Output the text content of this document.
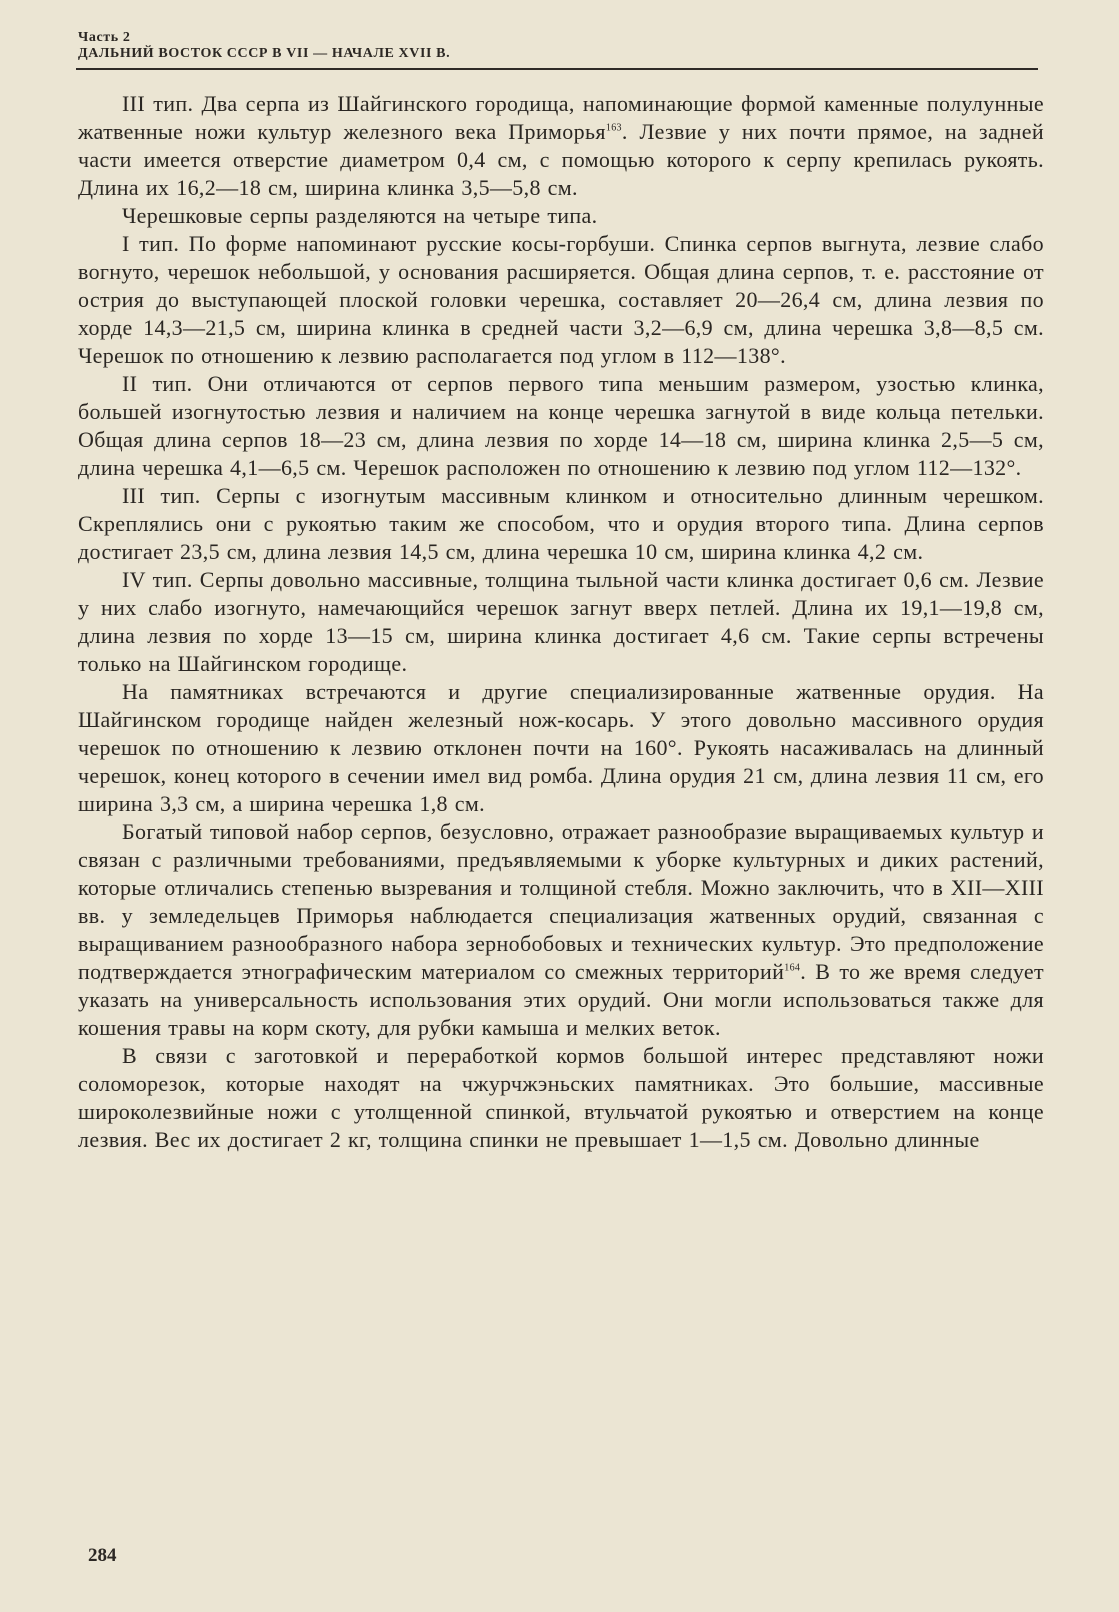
Часть 2
ДАЛЬНИЙ ВОСТОК СССР В VII — НАЧАЛЕ XVII В.

III тип. Два серпа из Шайгинского городища, напоминающие формой каменные полулунные жатвенные ножи культур железного века Приморья$^{163}$. Лезвие у них почти прямое, на задней части имеется отверстие диаметром 0,4 см, с помощью которого к серпу крепилась рукоять. Длина их 16,2—18 см, ширина клинка 3,5—5,8 см.

Черешковые серпы разделяются на четыре типа.

I тип. По форме напоминают русские косы-горбуши. Спинка серпов выгнута, лезвие слабо вогнуто, черешок небольшой, у основания расширяется. Общая длина серпов, т. е. расстояние от острия до выступающей плоской головки черешка, составляет 20—26,4 см, длина лезвия по хорде 14,3—21,5 см, ширина клинка в средней части 3,2—6,9 см, длина черешка 3,8—8,5 см. Черешок по отношению к лезвию располагается под углом в 112—138°.

II тип. Они отличаются от серпов первого типа меньшим размером, узостью клинка, большей изогнутостью лезвия и наличием на конце черешка загнутой в виде кольца петельки. Общая длина серпов 18—23 см, длина лезвия по хорде 14—18 см, ширина клинка 2,5—5 см, длина черешка 4,1—6,5 см. Черешок расположен по отношению к лезвию под углом 112—132°.

III тип. Серпы с изогнутым массивным клинком и относительно длинным черешком. Скреплялись они с рукоятью таким же способом, что и орудия второго типа. Длина серпов достигает 23,5 см, длина лезвия 14,5 см, длина черешка 10 см, ширина клинка 4,2 см.

IV тип. Серпы довольно массивные, толщина тыльной части клинка достигает 0,6 см. Лезвие у них слабо изогнуто, намечающийся черешок загнут вверх петлей. Длина их 19,1—19,8 см, длина лезвия по хорде 13—15 см, ширина клинка достигает 4,6 см. Такие серпы встречены только на Шайгинском городище.

На памятниках встречаются и другие специализированные жатвенные орудия. На Шайгинском городище найден железный нож-косарь. У этого довольно массивного орудия черешок по отношению к лезвию отклонен почти на 160°. Рукоять насаживалась на длинный черешок, конец которого в сечении имел вид ромба. Длина орудия 21 см, длина лезвия 11 см, его ширина 3,3 см, а ширина черешка 1,8 см.

Богатый типовой набор серпов, безусловно, отражает разнообразие выращиваемых культур и связан с различными требованиями, предъявляемыми к уборке культурных и диких растений, которые отличались степенью вызревания и толщиной стебля. Можно заключить, что в XII—XIII вв. у земледельцев Приморья наблюдается специализация жатвенных орудий, связанная с выращиванием разнообразного набора зернобобовых и технических культур. Это предположение подтверждается этнографическим материалом со смежных территорий$^{164}$. В то же время следует указать на универсальность использования этих орудий. Они могли использоваться также для кошения травы на корм скоту, для рубки камыша и мелких веток.

В связи с заготовкой и переработкой кормов большой интерес представляют ножи соломорезок, которые находят на чжурчжэньских памятниках. Это большие, массивные широколезвийные ножи с утолщенной спинкой, втульчатой рукоятью и отверстием на конце лезвия. Вес их достигает 2 кг, толщина спинки не превышает 1—1,5 см. Довольно длинные

284
